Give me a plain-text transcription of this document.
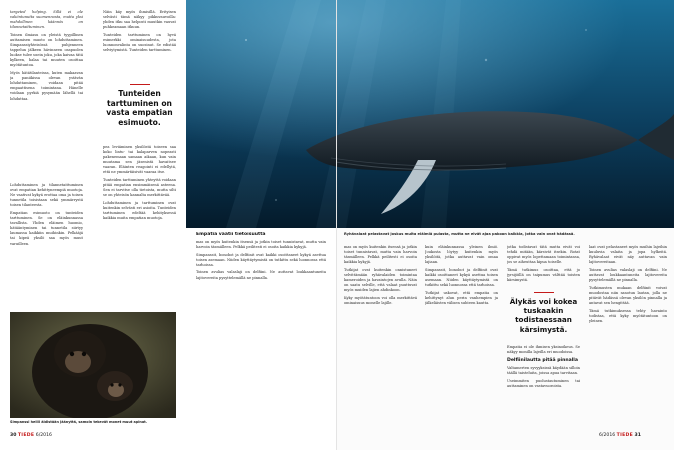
targeted helping. Sillä ei ole vakiintunutta suomennosta, mutta yksi mahdollinen käännös on tilannetaittuminen.

Toinen ilmiasu on yleistä tyypillinen auttamisen muoto on lohduttaminen. Simpanssiyhteisössä puhjenneen tappelun jälkeen hävinneen osapuolen luokse tulee usein joku, joka kaivaa tätä kylkeen, halaa tai muuten osoittaa myötätuntoa.

Myös hätätilanteissa, kuten makaavan ja paniikissa olevan ystävän lohduttaminen, voidaan pitää empaattisena toimintana. Hänelle voidaan pyrkiä pysymään lähellä tai lohduttaa.

Lohduttaminen ja tilannetaittuminen ovat empatian kehittyneempiä muotoja. Ne vaativat kykyä erottaa oma ja toisen tunnetila toisistaan sekä ymmärrystä toisen tilanteesta.

Empatian esimuoto on tunteiden tarttuminen. Se on eläinkunnassa tavallista. Yhden eläimen huomio, hätääntyminen tai tunnetila siirtyy laumassa kaikkiin muihinkin. Pelkääjä tai kipeä yksilö saa myös muut varuilleen.

Näin käy myös ihmisillä. Erityisen selvästi tämä näkyy pikkuvauvoilla: yhden itku saa helposti muutkin vauvat puhkeamaan itkuun.

Tunteiden tarttuminen on hyvä esimerkki ominaisuudesta, jota luonnonvalinta on suosinut. Se edistää selviytymistä. Tunteiden tarttuminen.

Tunteiden tarttuminen on vasta empatian esimuoto.

pea leviäminen yksilöstä toiseen saa koko lintu- tai kalaparven nopeasti pakenemaan samaan aikaan, kun vain muutama sen jäsenistä havaitsee vaaran. Eläinten reagointi ei edellytä, että ne ymmärtäisivät vaaraa itse.

Tunteiden tarttuminen yhteyttä voidaan pitää empatian ensimmäisenä asteena. Sen ei tarvitse olla tietoista, mutta silti se on yhteisön kannalta merkittävää.

Lohduttaminen ja tarttuminen ovat kuitenkin selvästi eri asioita. Tunteiden tarttuminen edeltää kehityksessä kaikkia muita empatian muotoja.

Simpanssi hellii äidistään jäänyttä, samoin tekevät monet muut apinat.
30 TIEDE 6/2016
Ryhävalaat pelastavat joskus muita eläimiä pulasta, mutta ne eivät ajaa pakoon kaikkia, jotka vain ovat hädässä.

mas on myös kuitenkin itsensä ja jotkin toiset tunnistavat, mutta vain harvoin täsmälleen. Pelkkä peilitesti ei osoita kaikkia kykyjä.

Tutkijat ovat kuitenkin onnistuneet selvittämään ryhävalaiden toimintaa kameroiden ja havaintojen avulla. Näin on saatu selville, että valaat puuttuvat myös muiden lajien ahdinkoon.

Kyky myötätuntoon voi olla merkittävä ominaisuus monelle lajille.

kuin eläinkunnassa yleinen ilmiö. Joukosta löytyy kuitenkin myös yksilöitä, jotka auttavat vain omaa lajiaan.

Simpanssit, bonobot ja delfiinit ovat kaikki osoittaneet kykyä asettua toisen asemaan. Niiden käyttäytymistä on tutkittu sekä luonnossa että tarhoissa.

Tutkijat uskovat, että empatia on kehittynyt alun perin vanhempien ja jälkeläisten välisen suhteen kautta.

jotka todistavat tätä mutta eivät voi tehdä mitään, kärsivät itsekin. Rotat oppivat myös lopettamaan toimintansa, jos se aiheuttaa kipua toiselle.

Tämä tutkimus osoittaa, että jo jyrsijöillä on taipumus välttää toisten kärsimystä.

Älykäs voi kokea tuskaakin todistaessaan kärsimystä.

Empatia ei ole ihmisen yksinoikeus. Se näkyy monilla lajeilla eri muodoissa.

Delfiinilautta pitää pinnalla

Valtamerten syvyyksissä käydään silloin täällä taisteluita, joissa apua tarvitaan.

Useimmiten puolustautuminen tai auttaminen on vastavuoroista.

laat ovat pelastaneet myös muihin lajeihin kuuluvia valaita ja jopa hylkeitä. Ryhävalaat eivät näy auttavan vain lajitovereitaan.

Toinen avulias valaslaji on delfiini. Ne auttavat loukkaantuneita lajitovereita pysyttelemällä ne pinnalla.

Tutkimusten mukaan delfiinit voivat muodostaa niin sanotun lautan, jolla ne pitävät hädässä olevan yksilön pinnalla ja antavat sen hengittää.

Tämä tutkimuksessa tehty havainto todistaa, että kyky myötätuntoon on yleinen.

6/2016 TIEDE 31

Empatia vaatii tietoisuutta

mas on myös kuitenkin itsensä ja jotkin toiset tunnistavat, mutta vain harvoin täsmälleen. Pelkkä peilitesti ei osoita kaikkia kykyjä.

Simpanssit, bonobot ja delfiinit ovat kaikki osoittaneet kykyä asettua toisen asemaan. Niiden käyttäytymistä on tutkittu sekä luonnossa että tarhoissa.

Toinen avulias valaslaji on delfiini. Ne auttavat loukkaantuneita lajitovereita pysyttelemällä ne pinnalla.
